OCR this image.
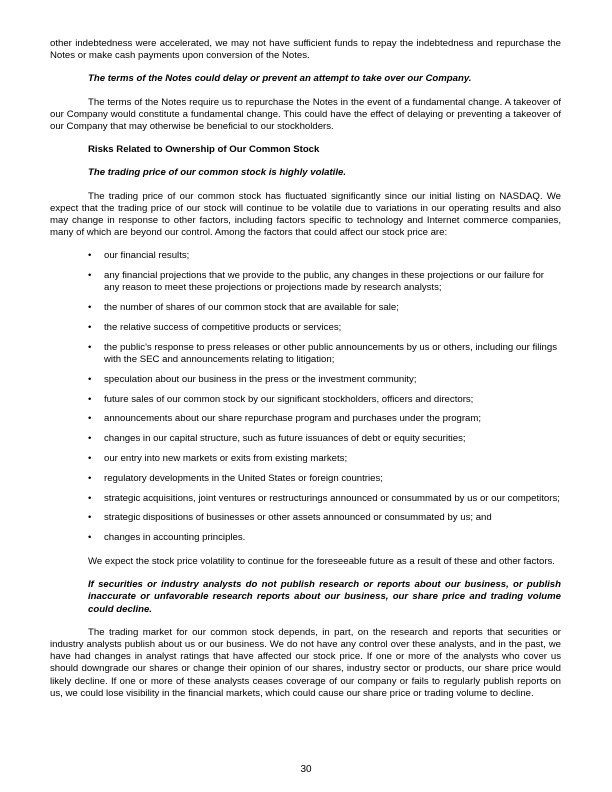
other indebtedness were accelerated, we may not have sufficient funds to repay the indebtedness and repurchase the Notes or make cash payments upon conversion of the Notes.

The terms of the Notes could delay or prevent an attempt to take over our Company.

The terms of the Notes require us to repurchase the Notes in the event of a fundamental change. A takeover of our Company would constitute a fundamental change. This could have the effect of delaying or preventing a takeover of our Company that may otherwise be beneficial to our stockholders.

Risks Related to Ownership of Our Common Stock

The trading price of our common stock is highly volatile.

The trading price of our common stock has fluctuated significantly since our initial listing on NASDAQ. We expect that the trading price of our stock will continue to be volatile due to variations in our operating results and also may change in response to other factors, including factors specific to technology and Internet commerce companies, many of which are beyond our control. Among the factors that could affect our stock price are:

• our financial results;
• any financial projections that we provide to the public, any changes in these projections or our failure for any reason to meet these projections or projections made by research analysts;
• the number of shares of our common stock that are available for sale;
• the relative success of competitive products or services;
• the public's response to press releases or other public announcements by us or others, including our filings with the SEC and announcements relating to litigation;
• speculation about our business in the press or the investment community;
• future sales of our common stock by our significant stockholders, officers and directors;
• announcements about our share repurchase program and purchases under the program;
• changes in our capital structure, such as future issuances of debt or equity securities;
• our entry into new markets or exits from existing markets;
• regulatory developments in the United States or foreign countries;
• strategic acquisitions, joint ventures or restructurings announced or consummated by us or our competitors;
• strategic dispositions of businesses or other assets announced or consummated by us; and
• changes in accounting principles.

We expect the stock price volatility to continue for the foreseeable future as a result of these and other factors.

If securities or industry analysts do not publish research or reports about our business, or publish inaccurate or unfavorable research reports about our business, our share price and trading volume could decline.

The trading market for our common stock depends, in part, on the research and reports that securities or industry analysts publish about us or our business. We do not have any control over these analysts, and in the past, we have had changes in analyst ratings that have affected our stock price. If one or more of the analysts who cover us should downgrade our shares or change their opinion of our shares, industry sector or products, our share price would likely decline. If one or more of these analysts ceases coverage of our company or fails to regularly publish reports on us, we could lose visibility in the financial markets, which could cause our share price or trading volume to decline.

30
